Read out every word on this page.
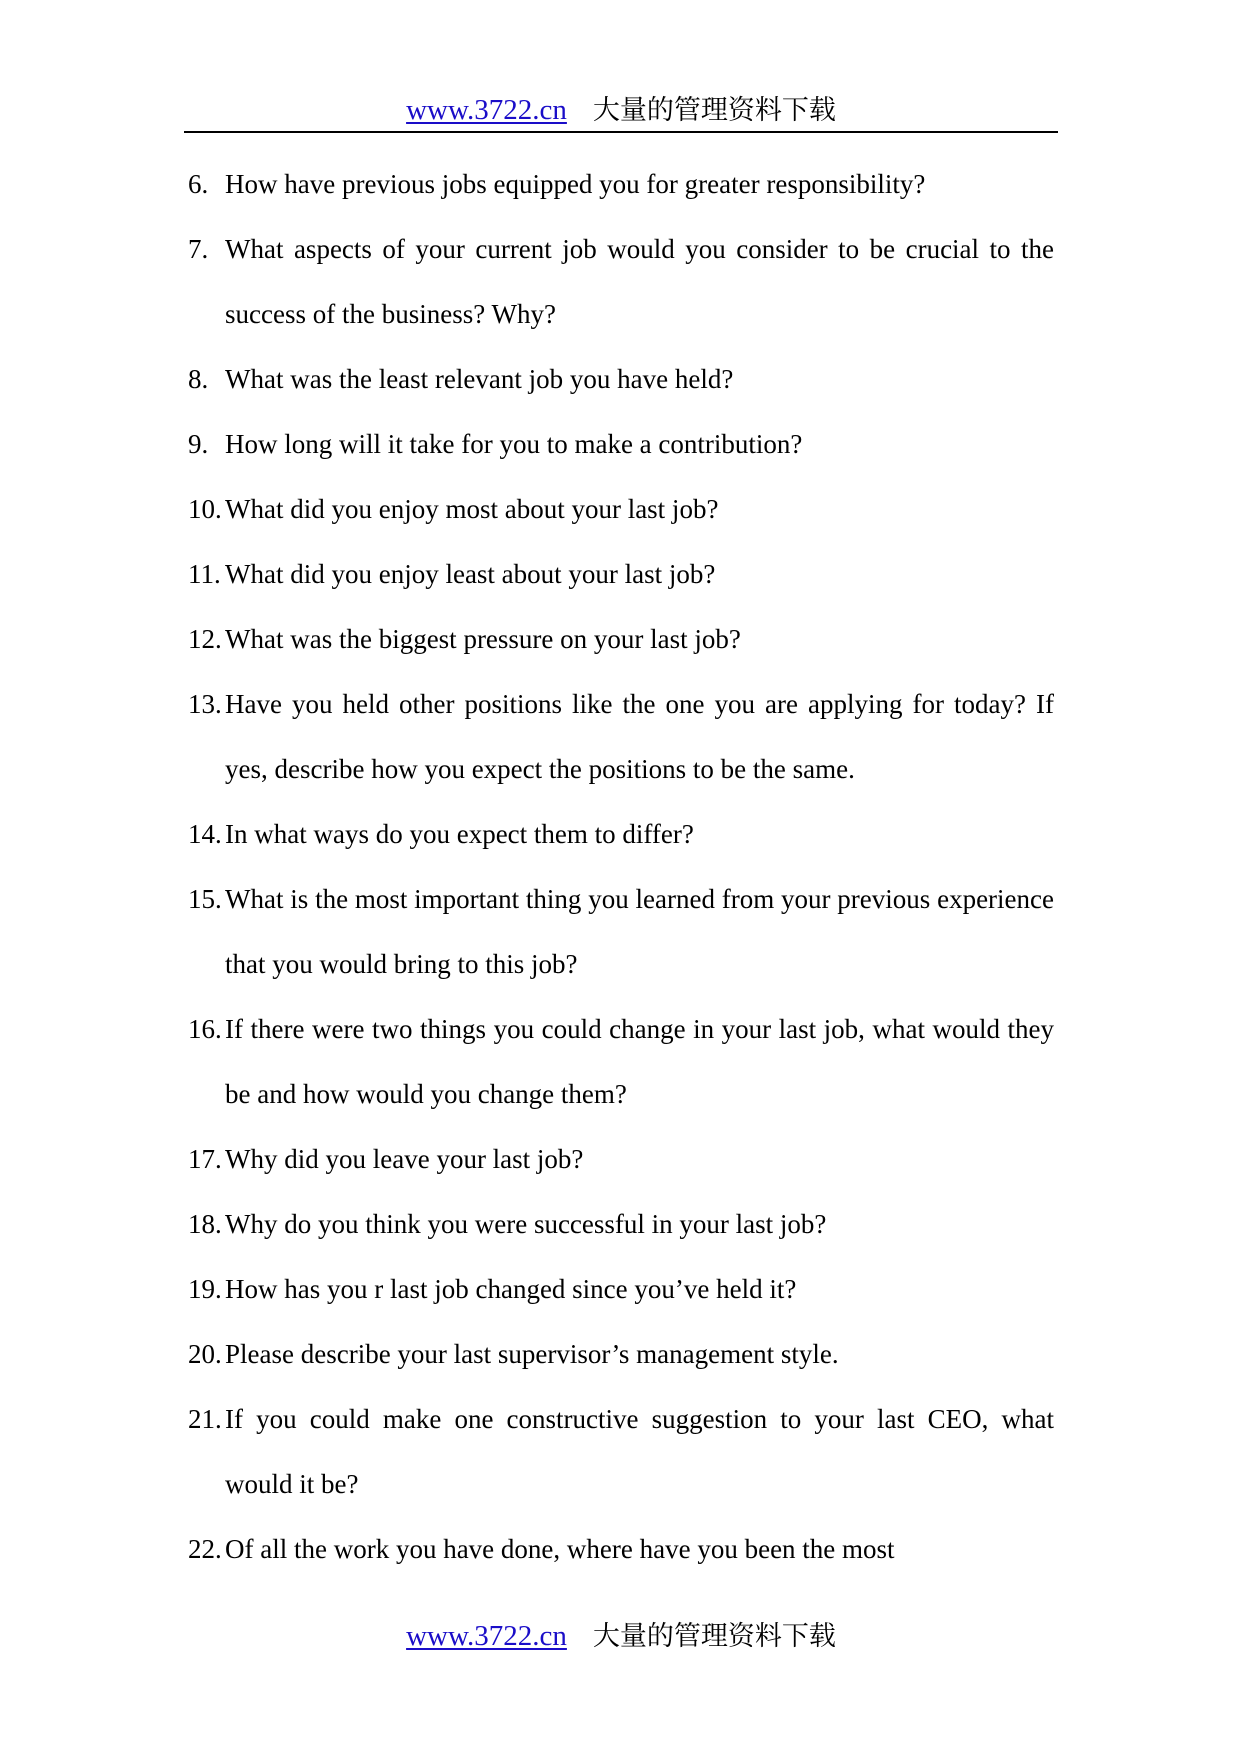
www.3722.cn 大量的管理资料下载
6. How have previous jobs equipped you for greater responsibility?
7. What aspects of your current job would you consider to be crucial to the success of the business? Why?
8. What was the least relevant job you have held?
9. How long will it take for you to make a contribution?
10. What did you enjoy most about your last job?
11. What did you enjoy least about your last job?
12. What was the biggest pressure on your last job?
13. Have you held other positions like the one you are applying for today? If yes, describe how you expect the positions to be the same.
14. In what ways do you expect them to differ?
15. What is the most important thing you learned from your previous experience that you would bring to this job?
16. If there were two things you could change in your last job, what would they be and how would you change them?
17. Why did you leave your last job?
18. Why do you think you were successful in your last job?
19. How has you r last job changed since you’ve held it?
20. Please describe your last supervisor’s management style.
21. If you could make one constructive suggestion to your last CEO, what would it be?
22. Of all the work you have done, where have you been the most
www.3722.cn 大量的管理资料下载
